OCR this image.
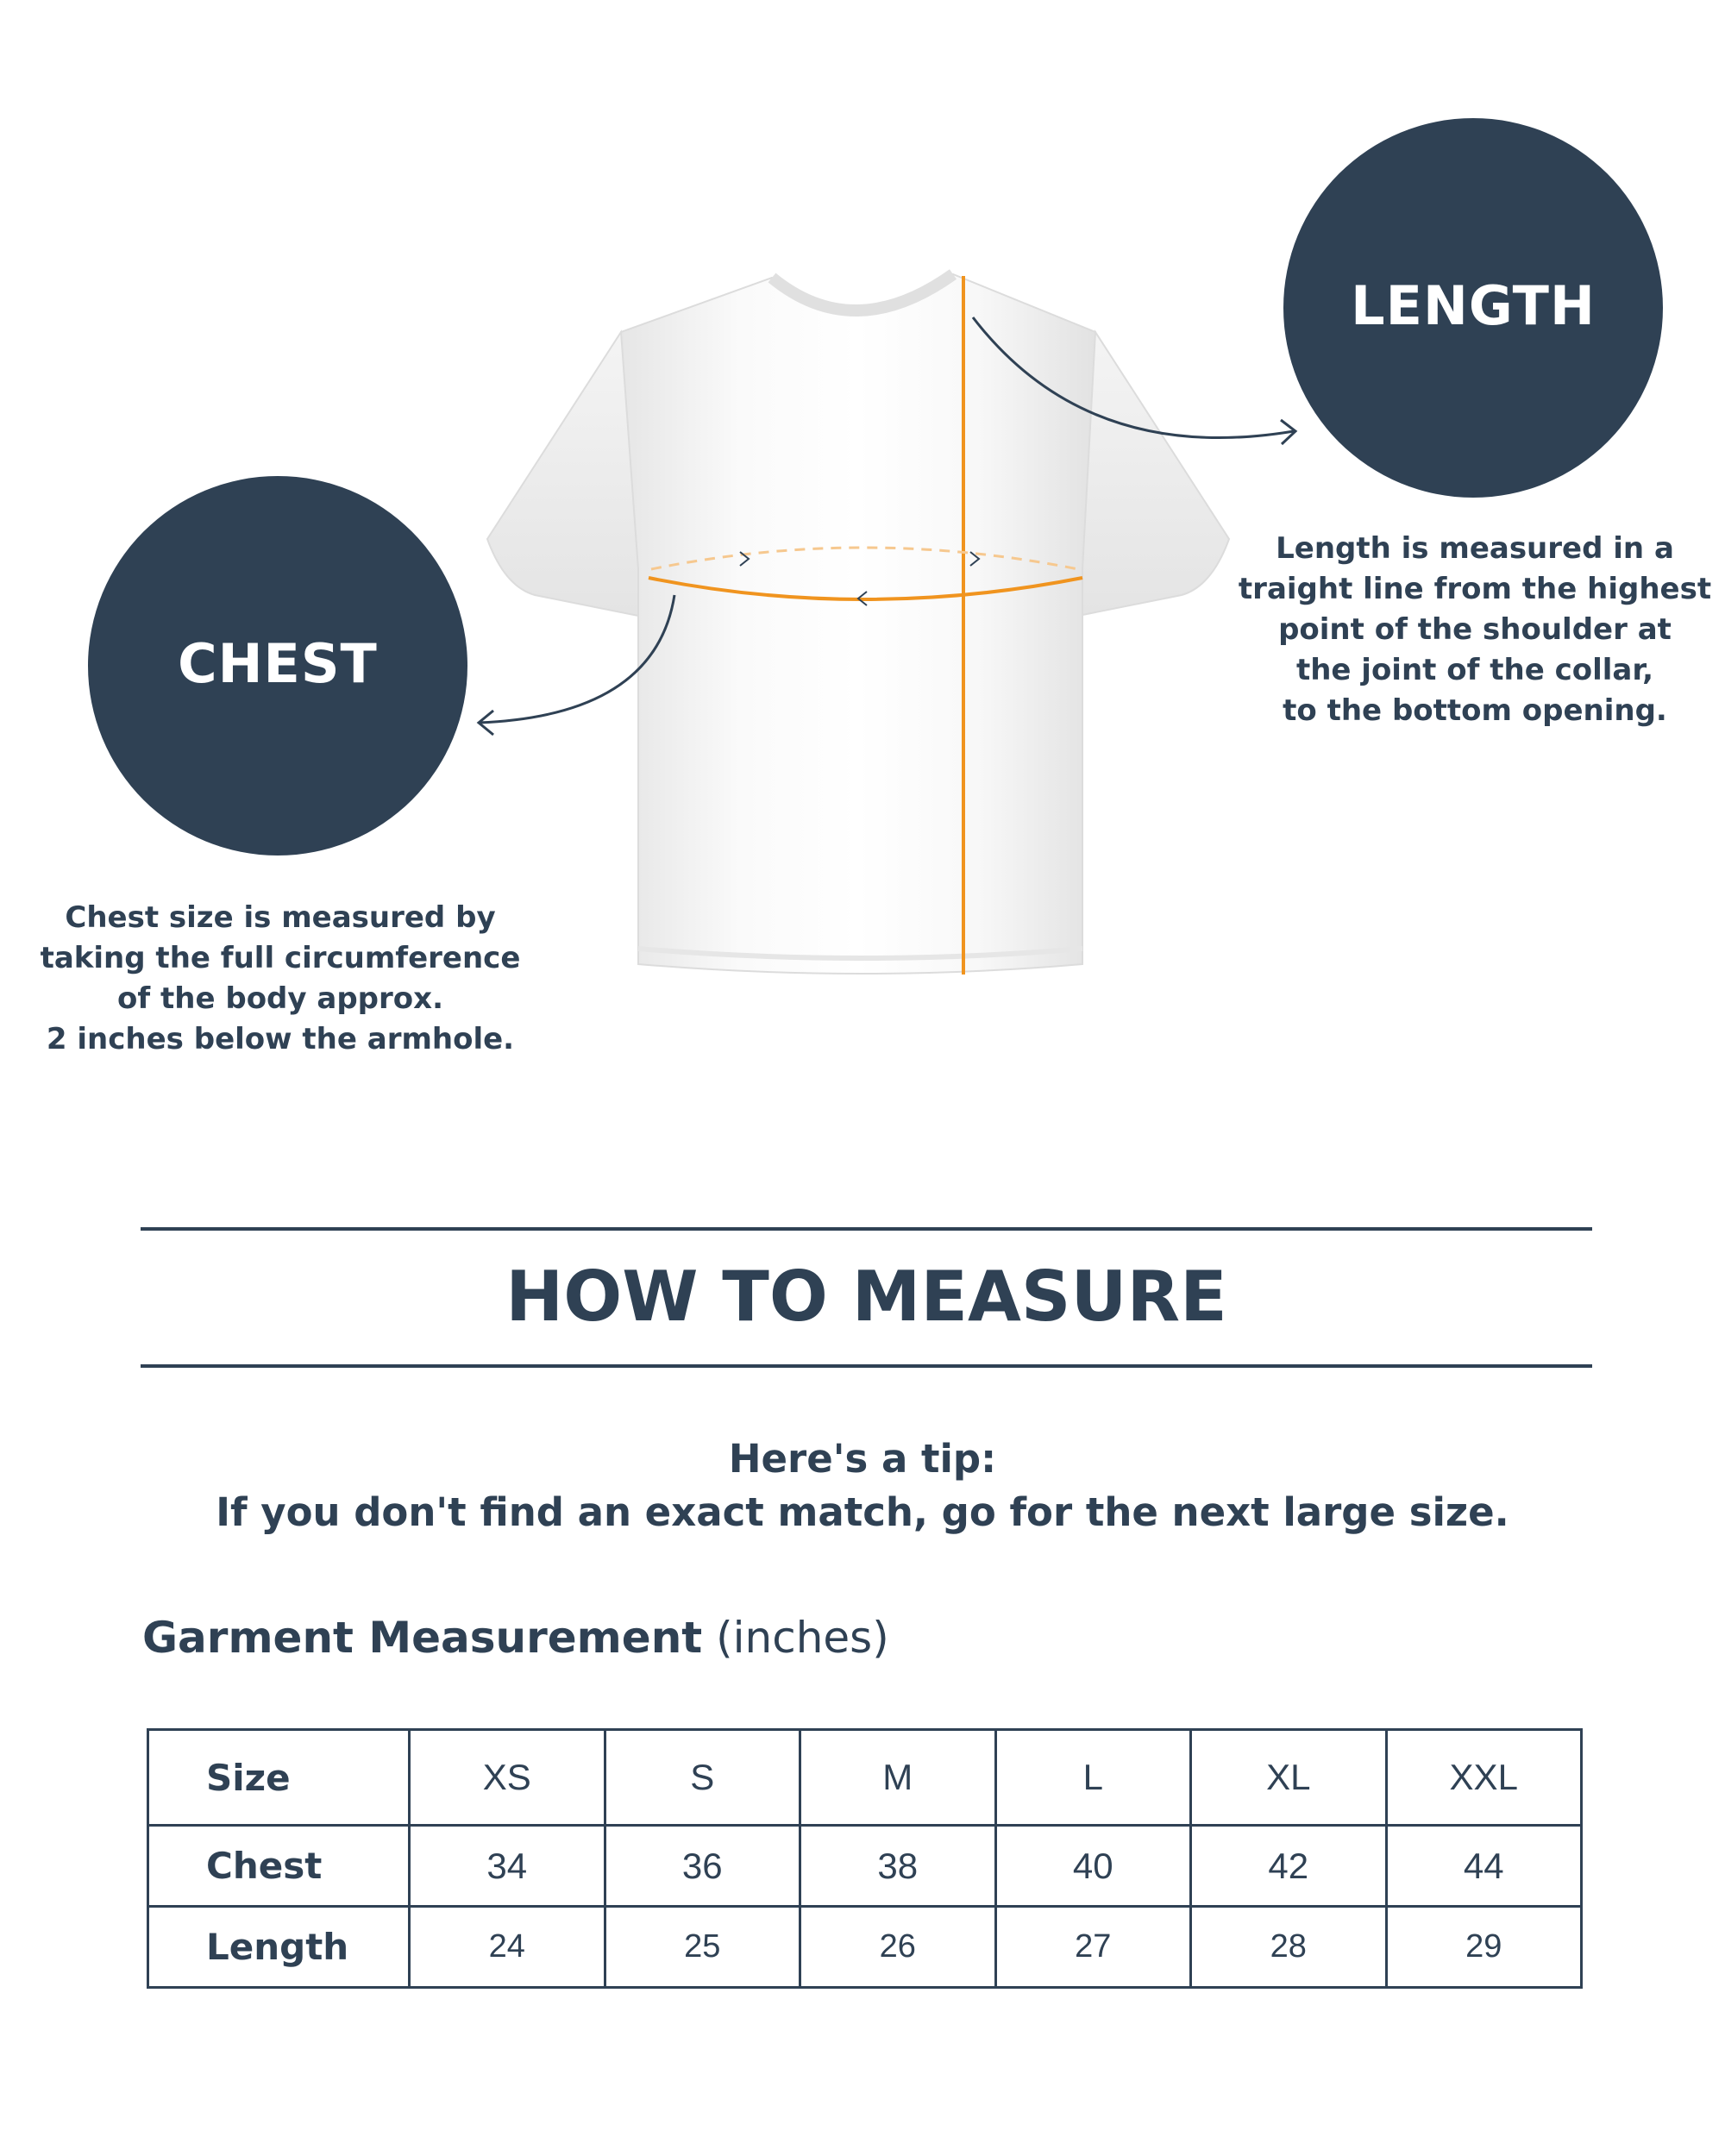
LENGTH
CHEST
Length is measured in a
traight line from the highest
point of the shoulder at
the joint of the collar,
to the bottom opening.
Chest size is measured by
taking the full circumference
of the body approx.
2 inches below the armhole.
HOW TO MEASURE
Here's a tip:
If you don't find an exact match, go for the next large size.
Garment Measurement (inches)
Size	XS	S	M	L	XL	XXL
Chest	34	36	38	40	42	44
Length	24	25	26	27	28	29
